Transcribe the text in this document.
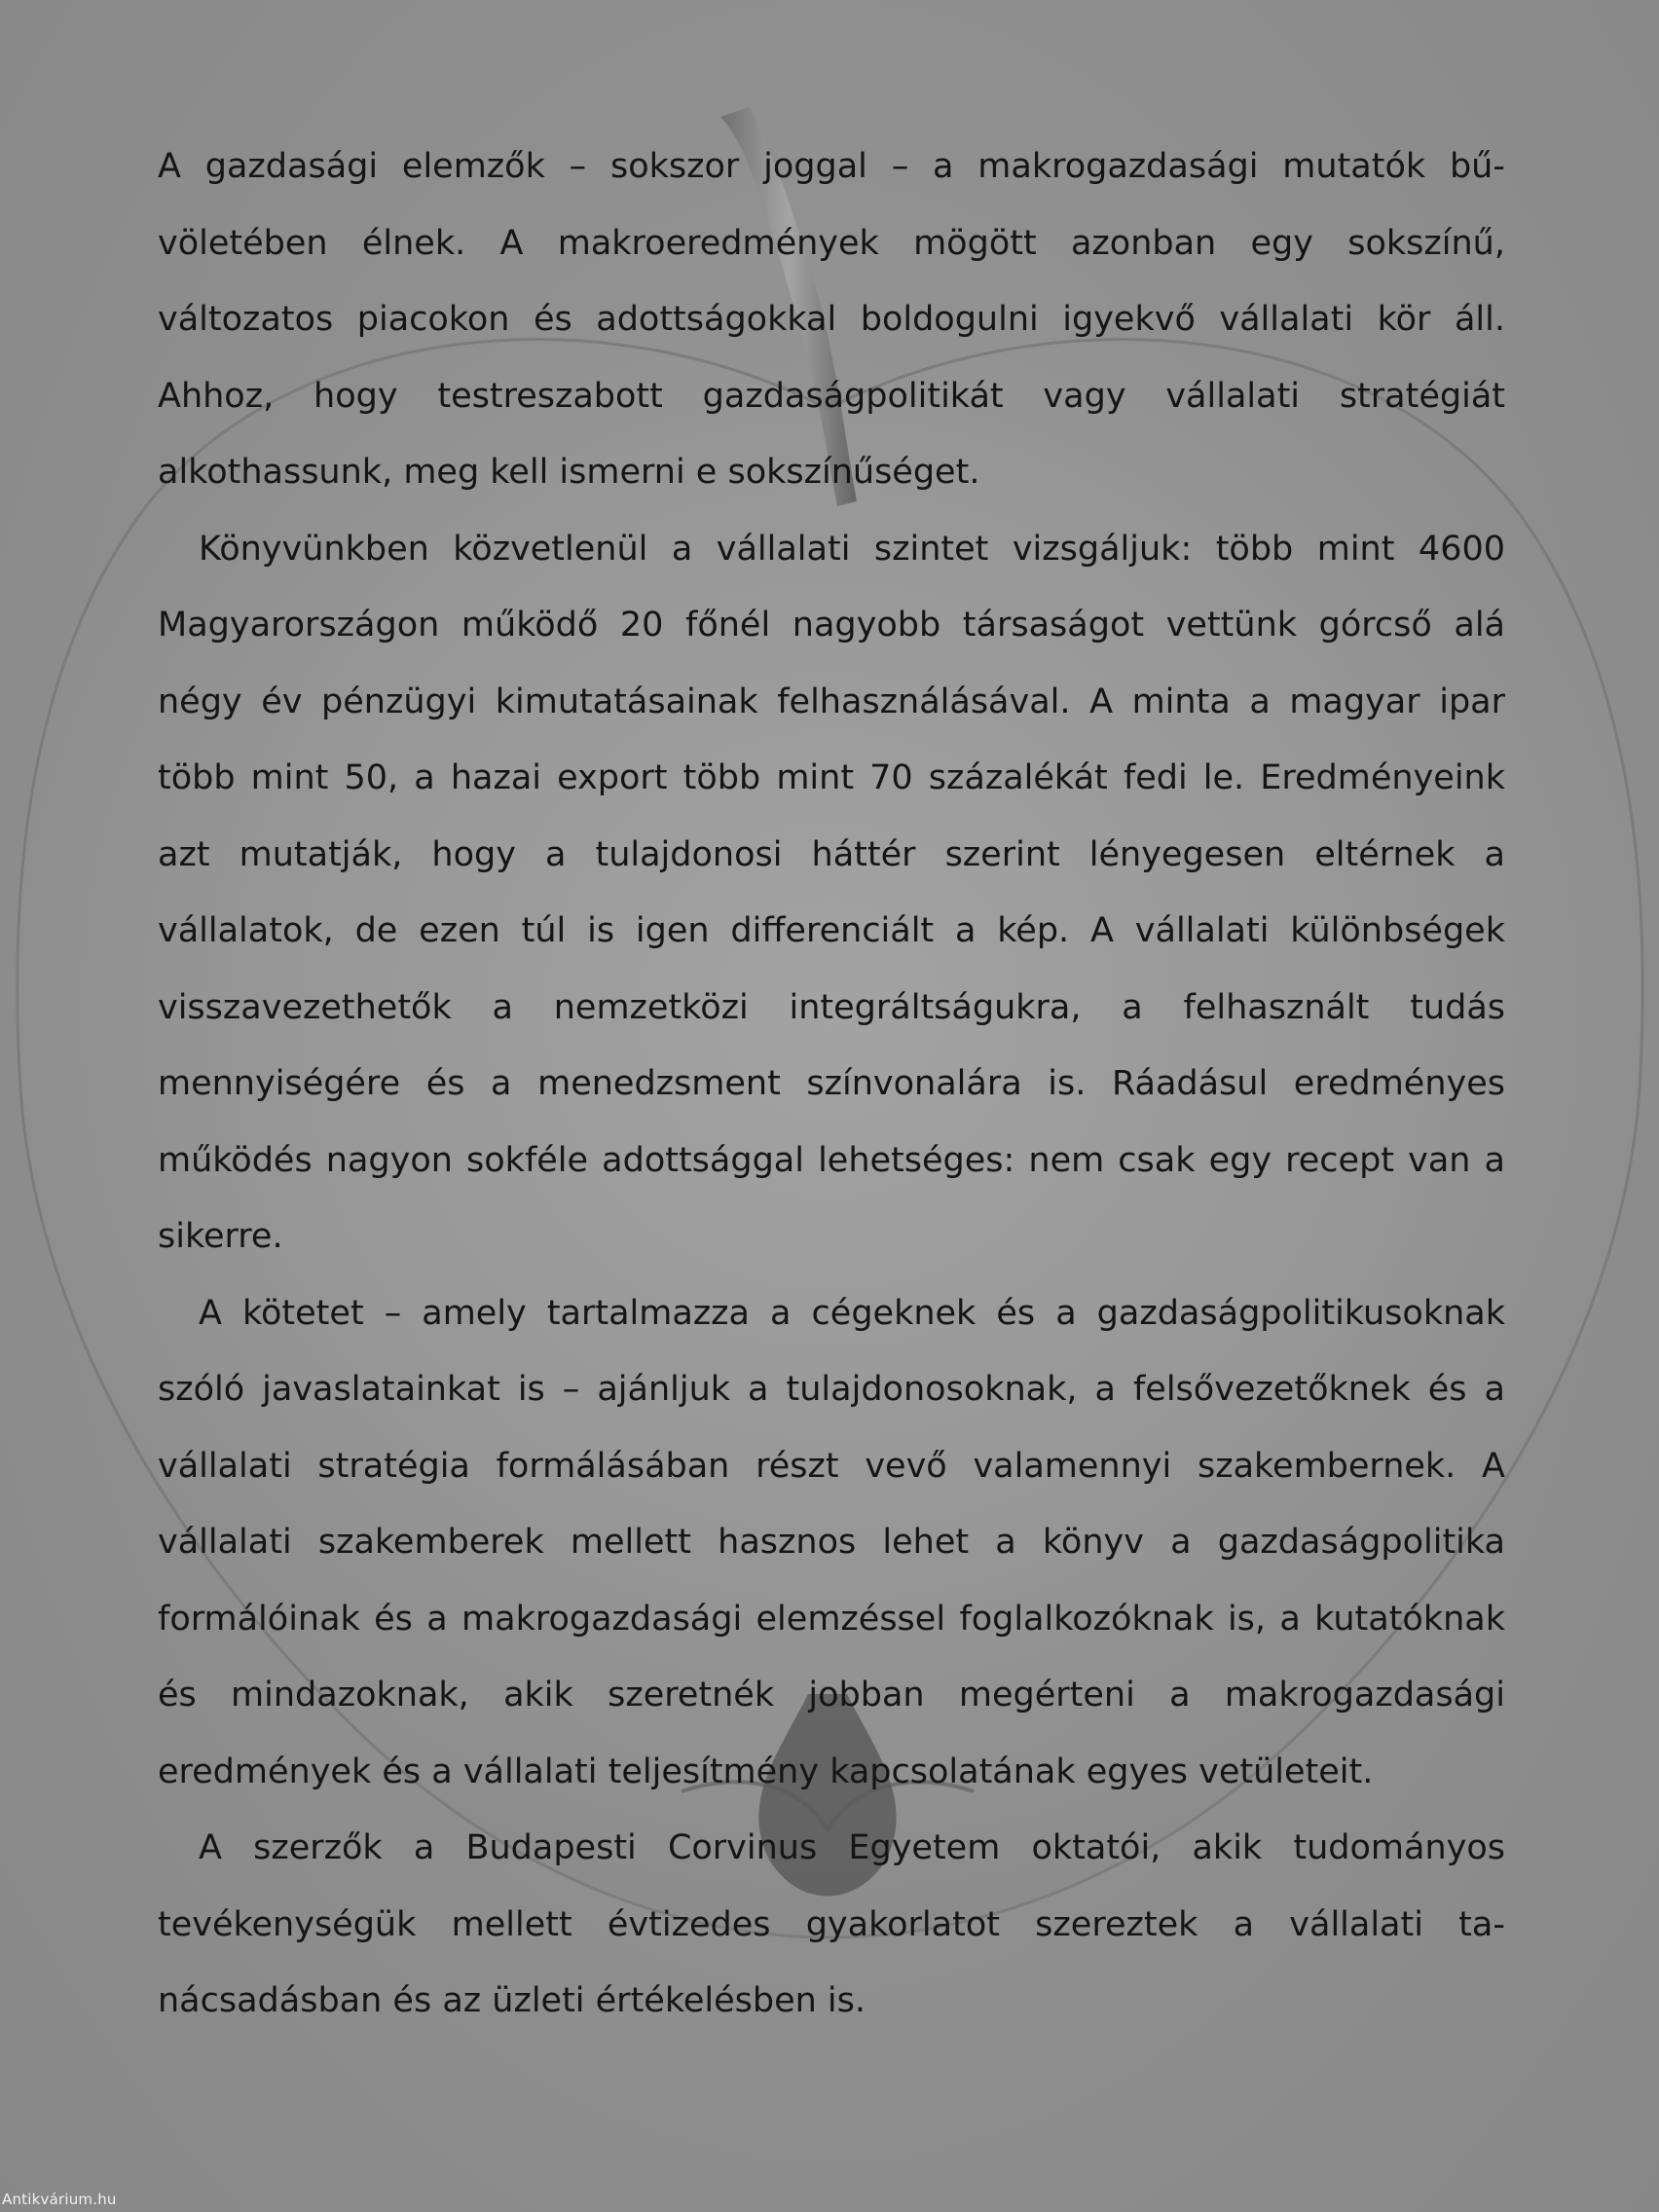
A gazdasági elemzők – sokszor joggal – a makrogazdasági mutatók bűvöletében élnek. A makroeredmények mögött azonban egy sokszínű, változatos piacokon és adottságokkal boldogulni igyekvő vállalati kör áll. Ahhoz, hogy testreszabott gazdaságpolitikát vagy vállalati stratégiát alkothassunk, meg kell ismerni e sokszínűséget.

Könyvünkben közvetlenül a vállalati szintet vizsgáljuk: több mint 4600 Magyarországon működő 20 főnél nagyobb társaságot vettünk górcső alá négy év pénzügyi kimutatásainak felhasználásával. A minta a magyar ipar több mint 50, a hazai export több mint 70 százalékát fedi le. Eredményeink azt mutatják, hogy a tulajdonosi háttér szerint lényegesen eltérnek a vállalatok, de ezen túl is igen differenciált a kép. A vállalati különbségek visszavezethetők a nemzetközi integráltságukra, a felhasznált tudás mennyiségére és a menedzsment színvonalára is. Ráadásul eredményes működés nagyon sokféle adottsággal lehetséges: nem csak egy recept van a sikerre.

A kötetet – amely tartalmazza a cégeknek és a gazdaságpolitikusoknak szóló javaslatainkat is – ajánljuk a tulajdonosoknak, a felsővezetőknek és a vállalati stratégia formálásában részt vevő valamennyi szakembernek. A vállalati szakemberek mellett hasznos lehet a könyv a gazdaságpolitika formálóinak és a makrogazdasági elemzéssel foglalkozóknak is, a kutatóknak és mindazoknak, akik szeretnék jobban megérteni a makrogazdasági eredmények és a vállalati teljesítmény kapcsolatának egyes vetületeit.

A szerzők a Budapesti Corvinus Egyetem oktatói, akik tudományos tevékenységük mellett évtizedes gyakorlatot szereztek a vállalati tanácsadásban és az üzleti értékelésben is.

Antikvárium.hu
